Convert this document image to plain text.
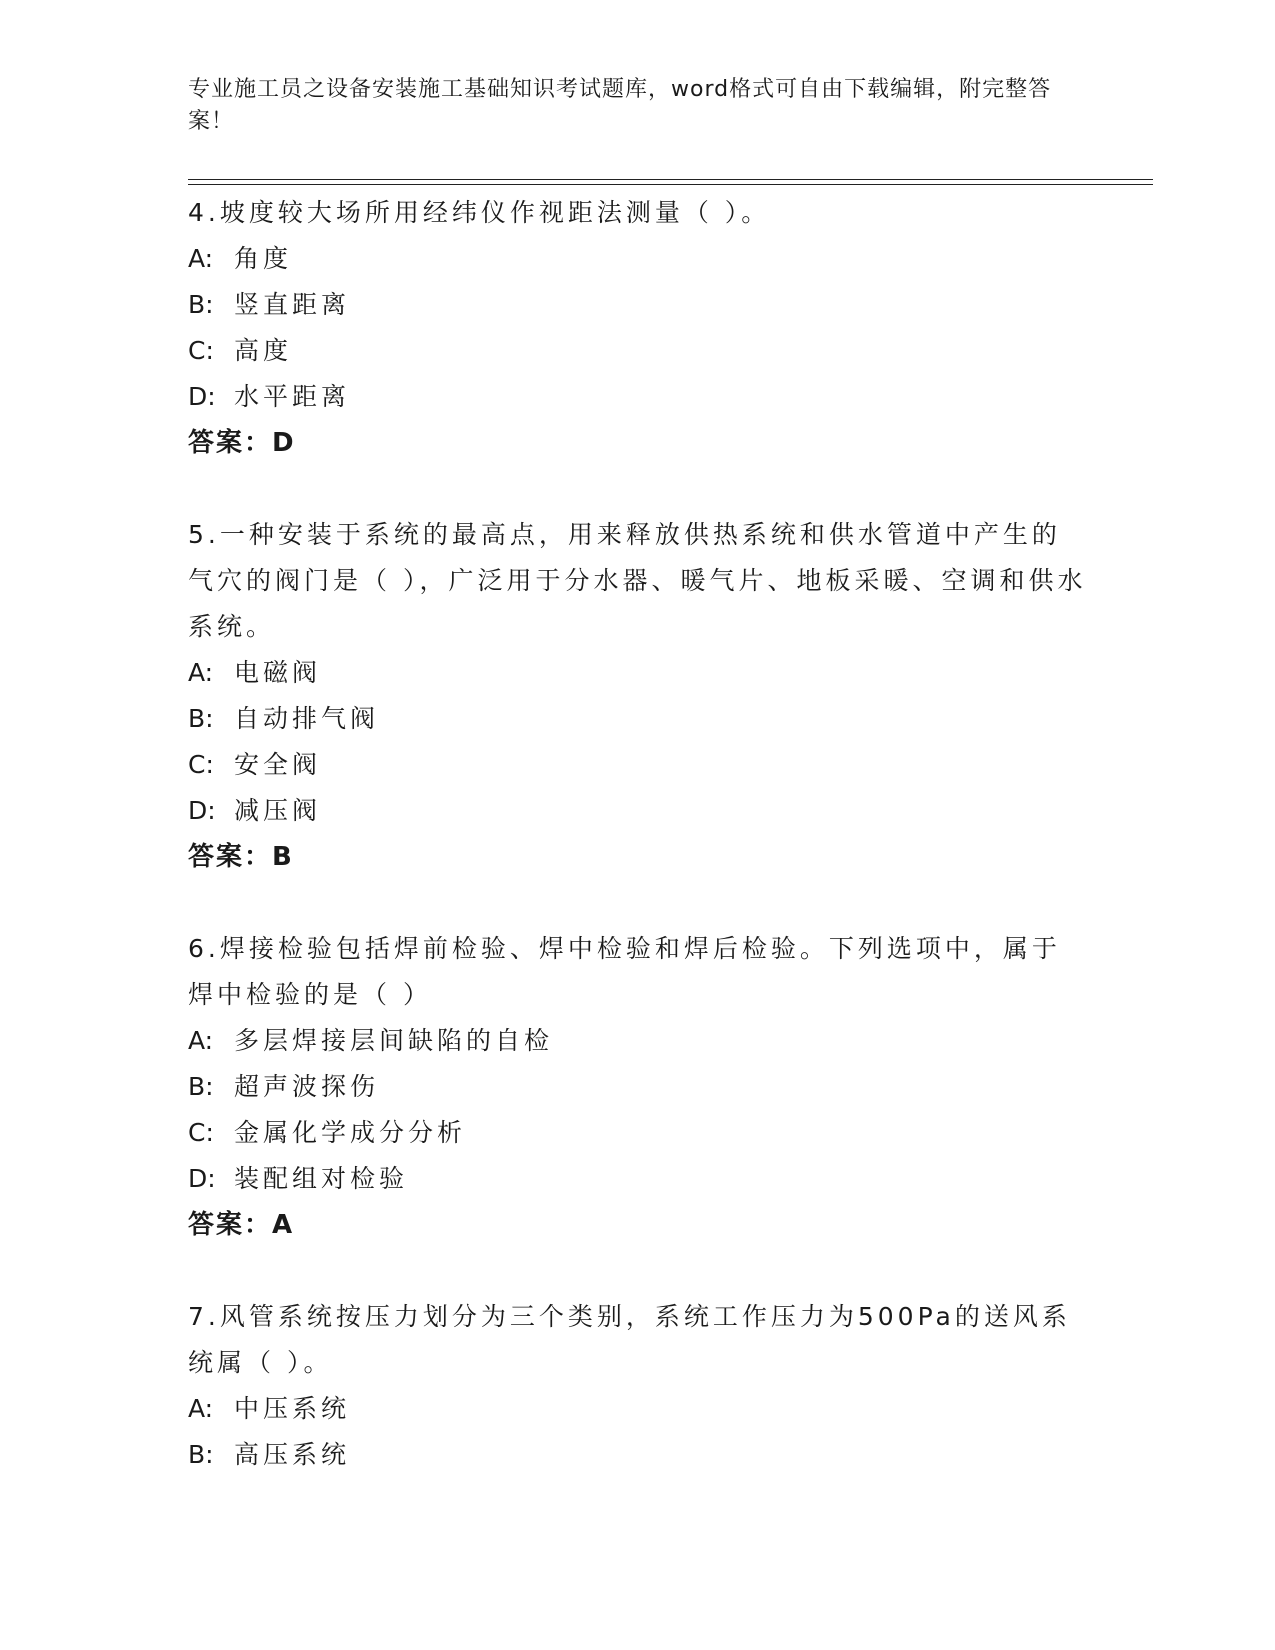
专业施工员之设备安装施工基础知识考试题库，word格式可自由下载编辑，附完整答案！
4.坡度较大场所用经纬仪作视距法测量（ ）。
A: 角度
B: 竖直距离
C: 高度
D: 水平距离
答案：D
5.一种安装于系统的最高点，用来释放供热系统和供水管道中产生的气穴的阀门是（ ），广泛用于分水器、暖气片、地板采暖、空调和供水系统。
A: 电磁阀
B: 自动排气阀
C: 安全阀
D: 减压阀
答案：B
6.焊接检验包括焊前检验、焊中检验和焊后检验。下列选项中，属于焊中检验的是（ ）
A: 多层焊接层间缺陷的自检
B: 超声波探伤
C: 金属化学成分分析
D: 装配组对检验
答案：A
7.风管系统按压力划分为三个类别，系统工作压力为500Pa的送风系统属（ ）。
A: 中压系统
B: 高压系统
